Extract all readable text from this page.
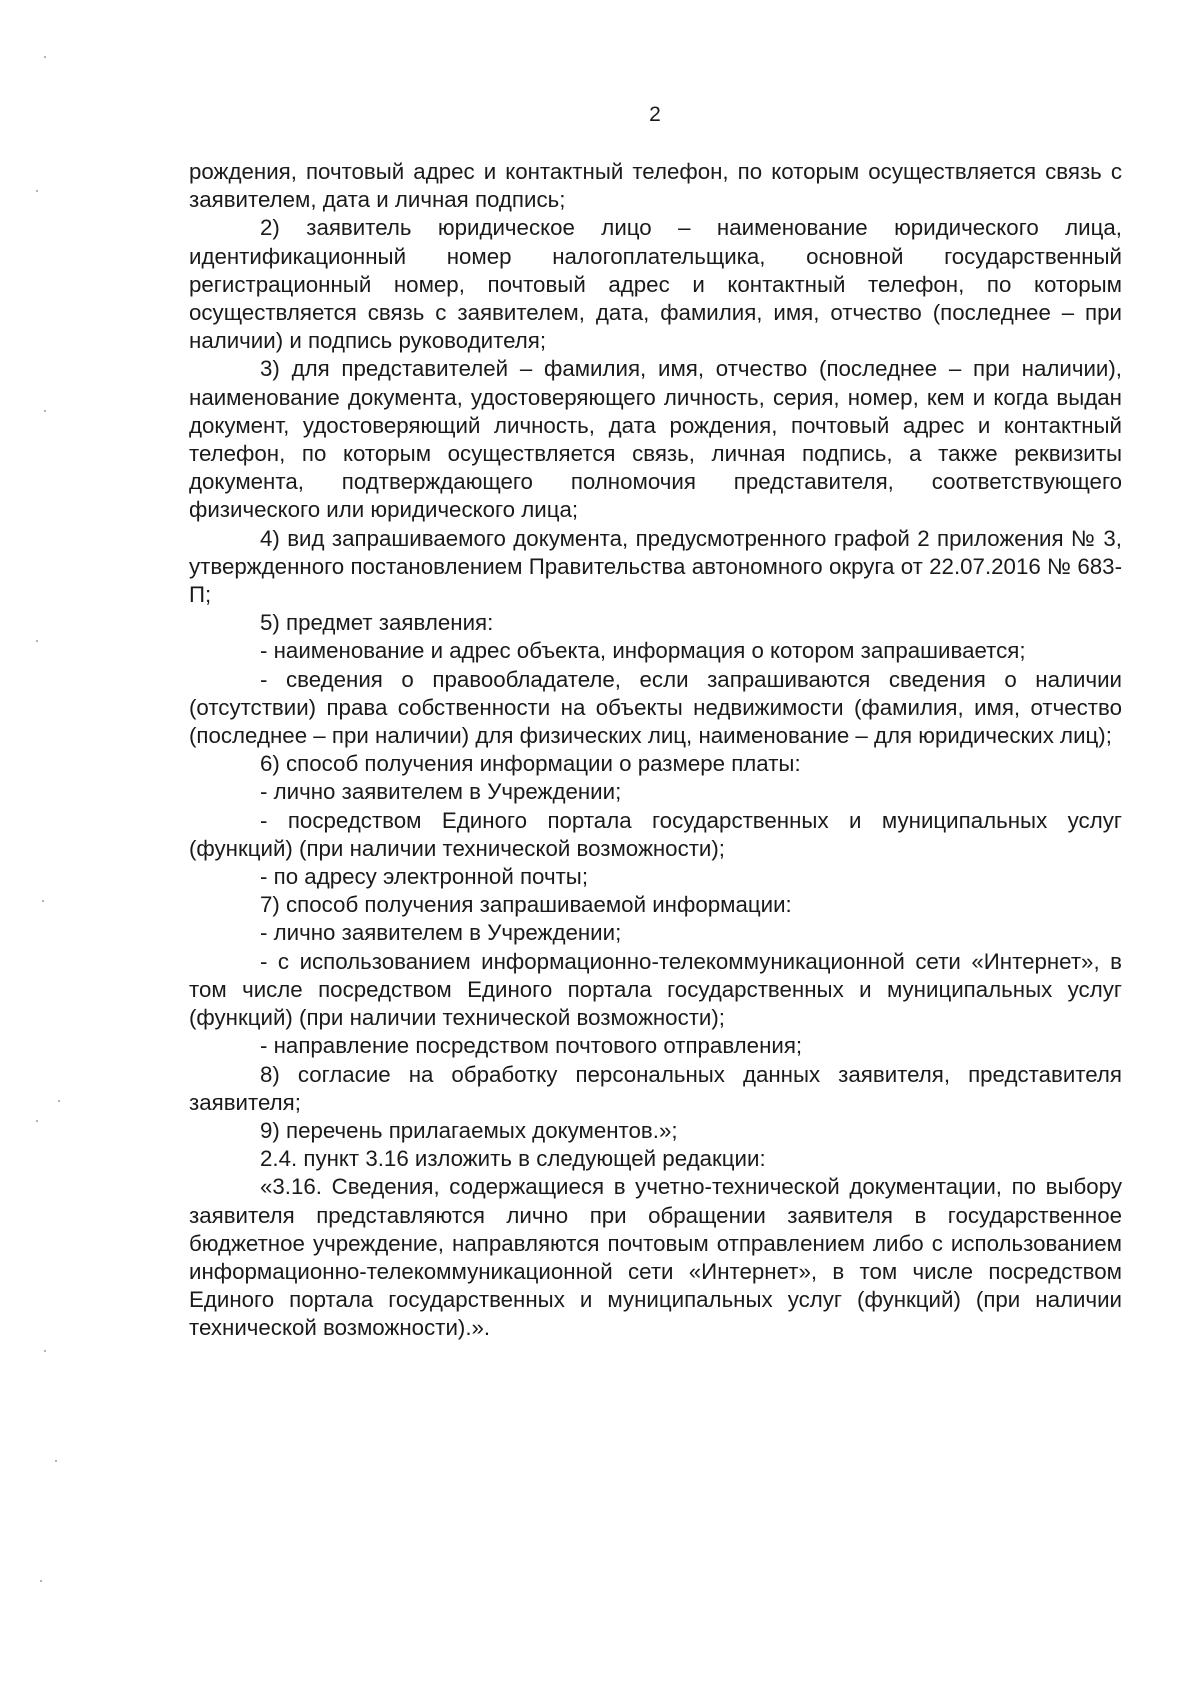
2

рождения, почтовый адрес и контактный телефон, по которым осуществляется связь с заявителем, дата и личная подпись;

2) заявитель юридическое лицо – наименование юридического лица, идентификационный номер налогоплательщика, основной государственный регистрационный номер, почтовый адрес и контактный телефон, по которым осуществляется связь с заявителем, дата, фамилия, имя, отчество (последнее – при наличии) и подпись руководителя;

3) для представителей – фамилия, имя, отчество (последнее – при наличии), наименование документа, удостоверяющего личность, серия, номер, кем и когда выдан документ, удостоверяющий личность, дата рождения, почтовый адрес и контактный телефон, по которым осуществляется связь, личная подпись, а также реквизиты документа, подтверждающего полномочия представителя, соответствующего физического или юридического лица;

4) вид запрашиваемого документа, предусмотренного графой 2 приложения № 3, утвержденного постановлением Правительства автономного округа от 22.07.2016 № 683-П;

5) предмет заявления:

- наименование и адрес объекта, информация о котором запрашивается;

- сведения о правообладателе, если запрашиваются сведения о наличии (отсутствии) права собственности на объекты недвижимости (фамилия, имя, отчество (последнее – при наличии) для физических лиц, наименование – для юридических лиц);

6) способ получения информации о размере платы:

- лично заявителем в Учреждении;

- посредством Единого портала государственных и муниципальных услуг (функций) (при наличии технической возможности);

- по адресу электронной почты;

7) способ получения запрашиваемой информации:

- лично заявителем в Учреждении;

- с использованием информационно-телекоммуникационной сети «Интернет», в том числе посредством Единого портала государственных и муниципальных услуг (функций) (при наличии технической возможности);

- направление посредством почтового отправления;

8) согласие на обработку персональных данных заявителя, представителя заявителя;

9) перечень прилагаемых документов.»;

2.4. пункт 3.16 изложить в следующей редакции:

«3.16. Сведения, содержащиеся в учетно-технической документации, по выбору заявителя представляются лично при обращении заявителя в государственное бюджетное учреждение, направляются почтовым отправлением либо с использованием информационно-телекоммуникационной сети «Интернет», в том числе посредством Единого портала государственных и муниципальных услуг (функций) (при наличии технической возможности).».
